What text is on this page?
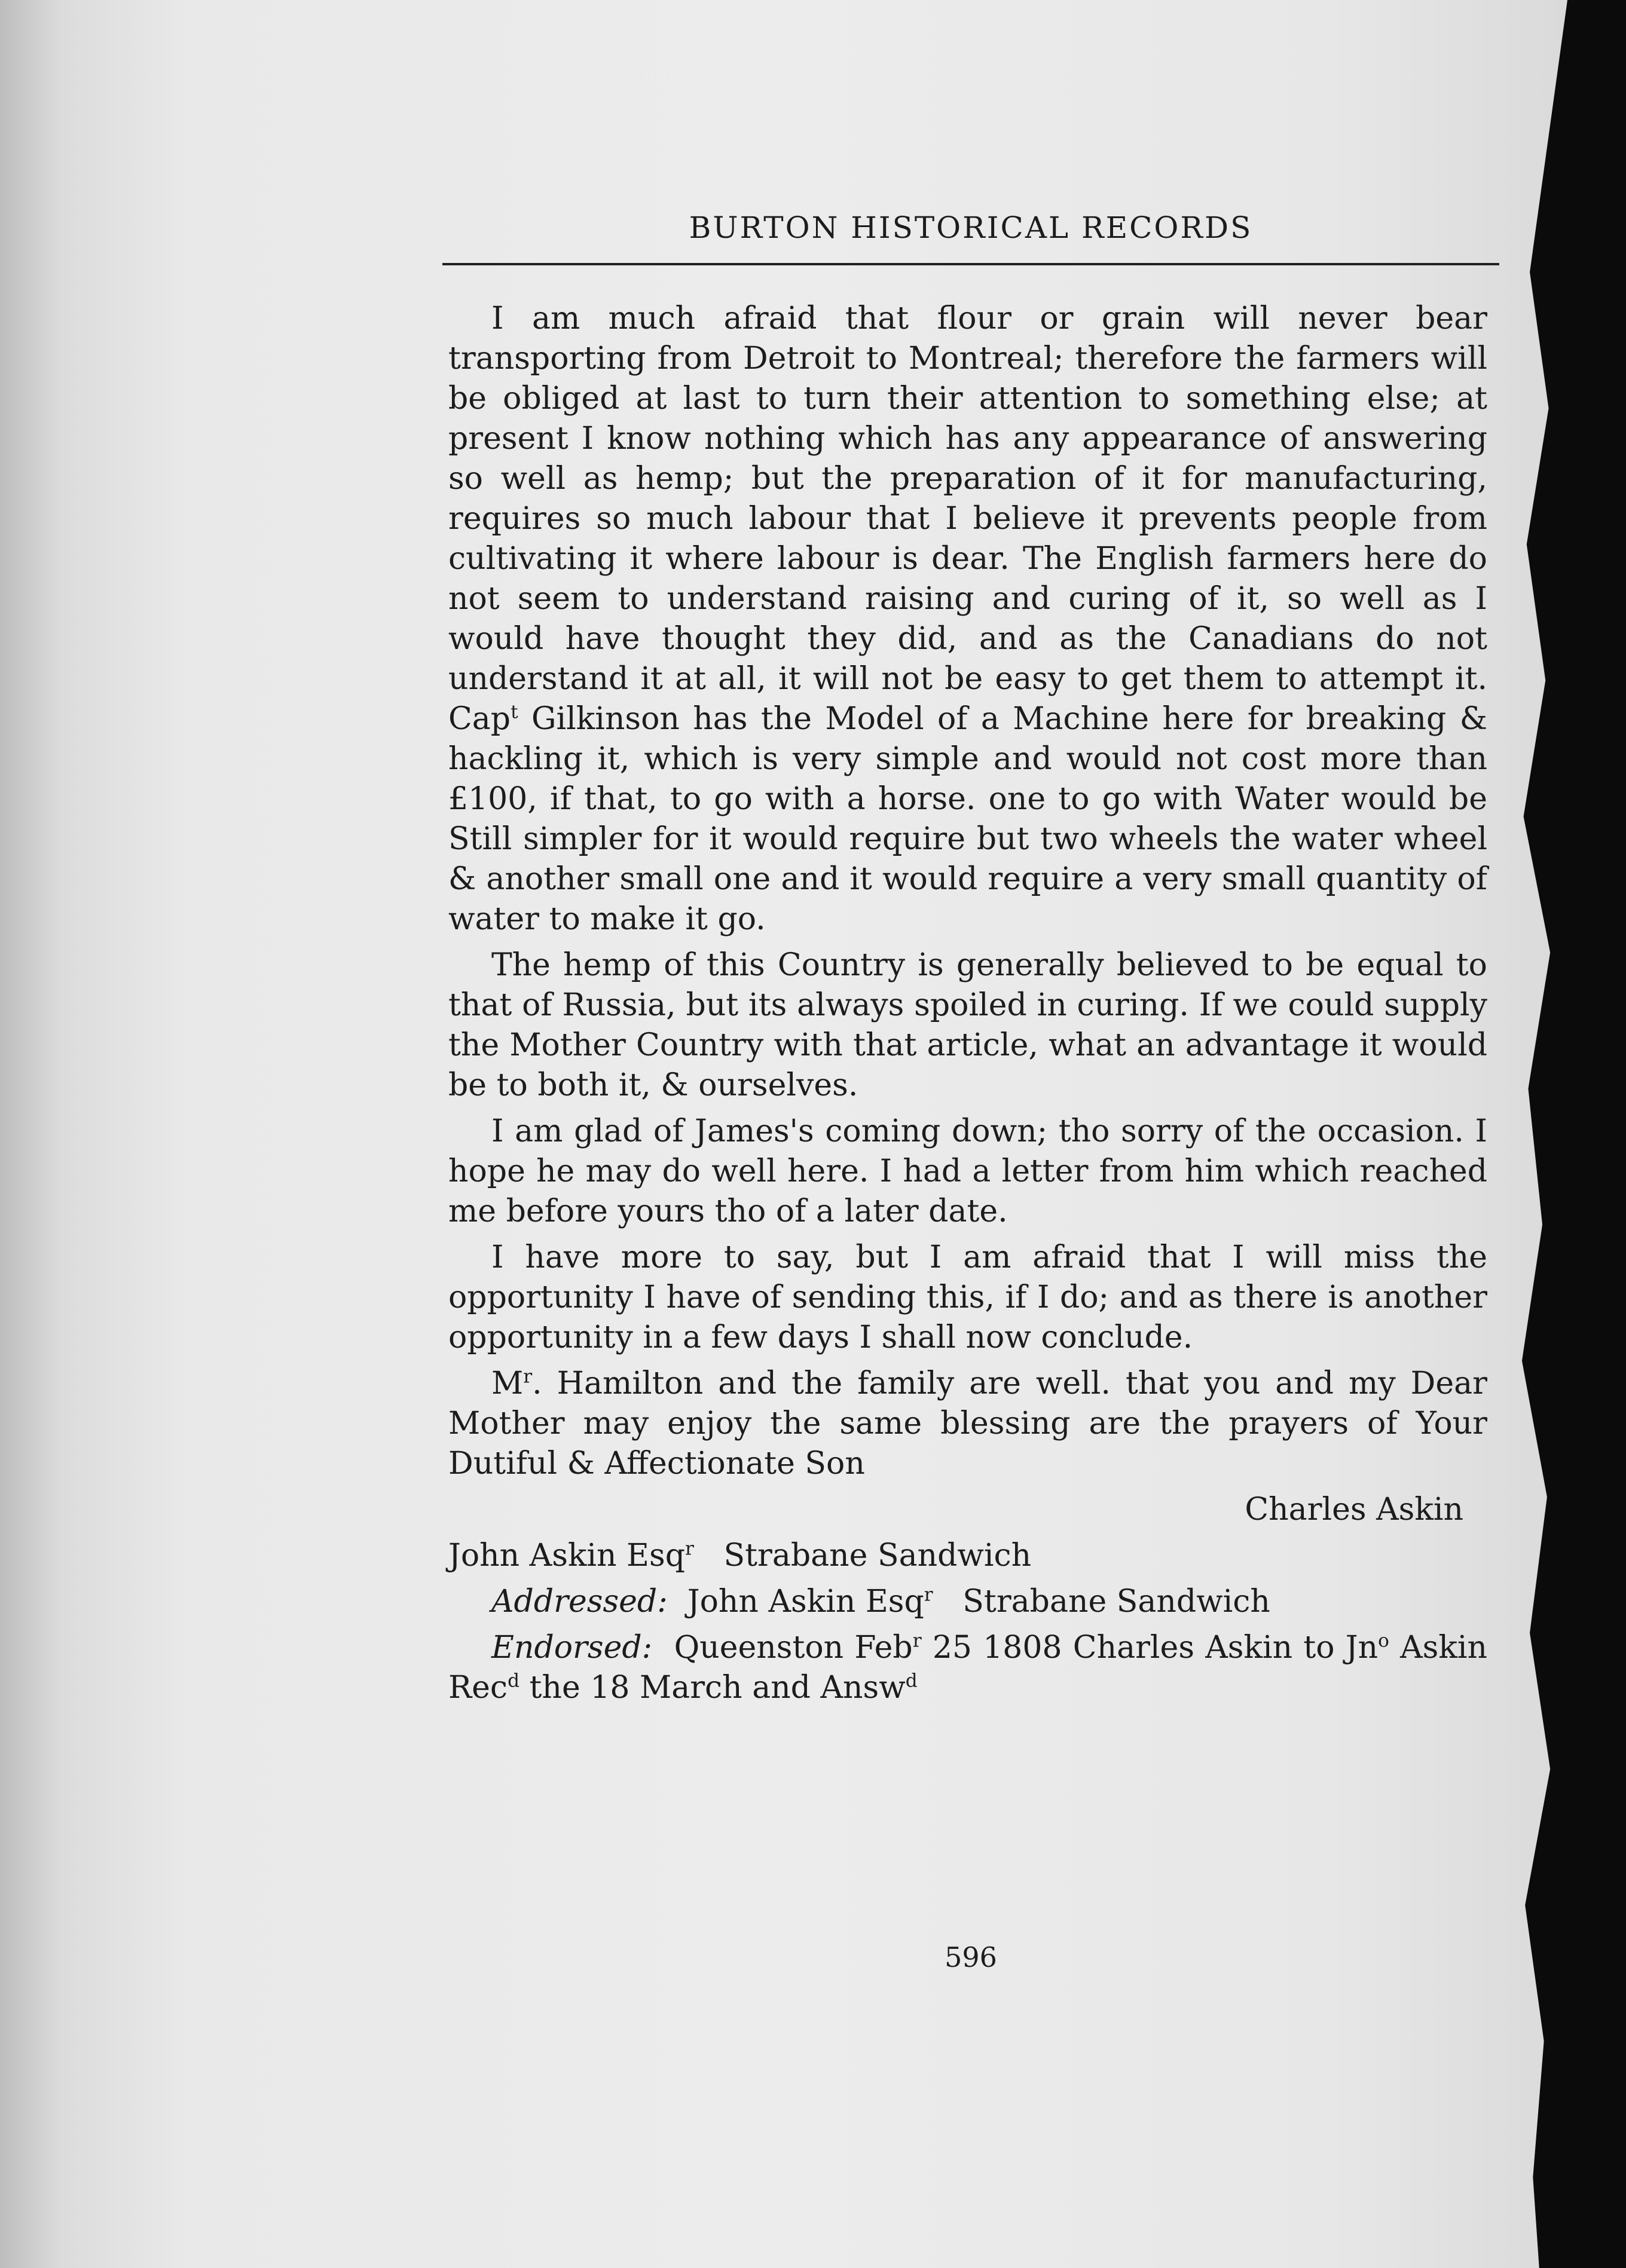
BURTON HISTORICAL RECORDS

I am much afraid that flour or grain will never bear transporting from Detroit to Montreal; therefore the farmers will be obliged at last to turn their attention to something else; at present I know nothing which has any appearance of answering so well as hemp; but the preparation of it for manufacturing, requires so much labour that I believe it prevents people from cultivating it where labour is dear. The English farmers here do not seem to understand raising and curing of it, so well as I would have thought they did, and as the Canadians do not understand it at all, it will not be easy to get them to attempt it. Cap$^t$ Gilkinson has the Model of a Machine here for breaking & hackling it, which is very simple and would not cost more than £100, if that, to go with a horse. one to go with Water would be Still simpler for it would require but two wheels the water wheel & another small one and it would require a very small quantity of water to make it go.

The hemp of this Country is generally believed to be equal to that of Russia, but its always spoiled in curing. If we could supply the Mother Country with that article, what an advantage it would be to both it, & ourselves.

I am glad of James's coming down; tho sorry of the occasion. I hope he may do well here. I had a letter from him which reached me before yours tho of a later date.

I have more to say, but I am afraid that I will miss the opportunity I have of sending this, if I do; and as there is another opportunity in a few days I shall now conclude.

$M^r$. Hamilton and the family are well. that you and my Dear Mother may enjoy the same blessing are the prayers of Your Dutiful & Affectionate Son

Charles Askin

John Askin Esq$^r$ Strabane Sandwich

Addressed: John Askin Esq$^r$ Strabane Sandwich

Endorsed: Queenston Feb$^r$ 25 1808 Charles Askin to Jn$^o$ Askin Rec$^d$ the 18 March and Answ$^d$

596
